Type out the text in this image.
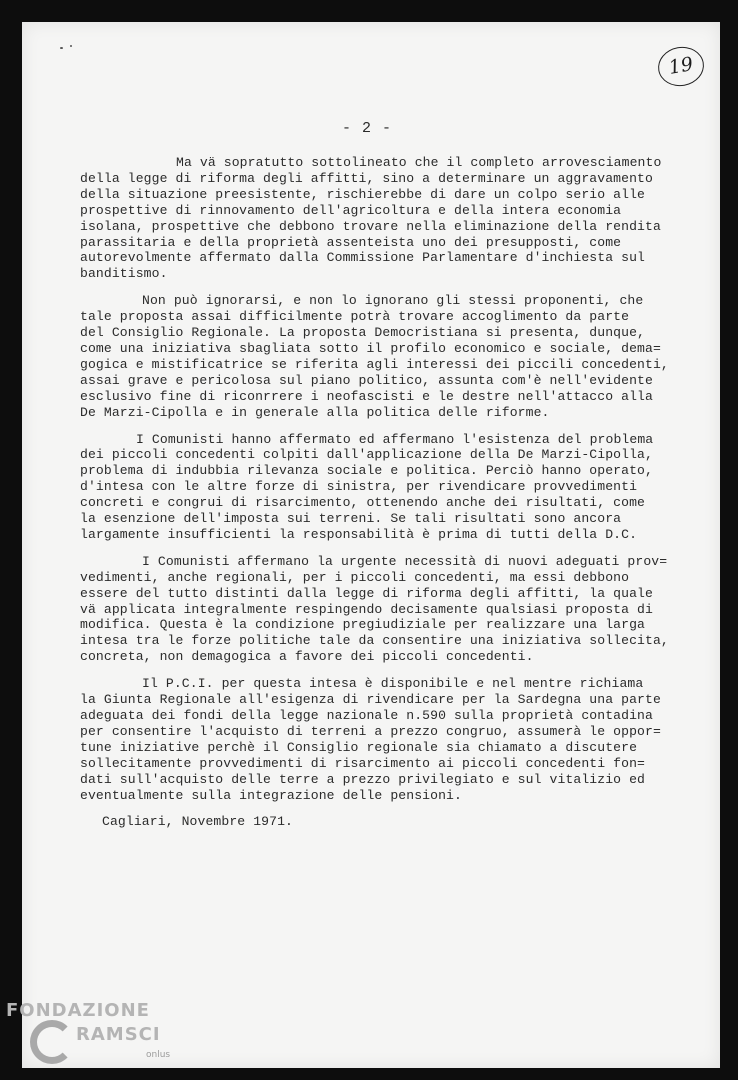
19
- 2 -
Ma vä sopratutto sottolineato che il completo arrovesciamento
della legge di riforma degli affitti, sino a determinare un aggravamento
della situazione preesistente, rischierebbe di dare un colpo serio alle
prospettive di rinnovamento dell'agricoltura e della intera economia
isolana, prospettive che debbono trovare nella eliminazione della rendita
parassitaria e della proprietà assenteista uno dei presupposti, come
autorevolmente affermato dalla Commissione Parlamentare d'inchiesta sul
banditismo.
Non può ignorarsi, e non lo ignorano gli stessi proponenti, che
tale proposta assai difficilmente potrà trovare accoglimento da parte
del Consiglio Regionale. La proposta Democristiana si presenta, dunque,
come una iniziativa sbagliata sotto il profilo economico e sociale, dema=
gogica e mistificatrice se riferita agli interessi dei piccili concedenti,
assai grave e pericolosa sul piano politico, assunta com'è nell'evidente
esclusivo fine di riconrrere i neofascisti e le destre nell'attacco alla
De Marzi-Cipolla e in generale alla politica delle riforme.
I Comunisti hanno affermato ed affermano l'esistenza del problema
dei piccoli concedenti colpiti dall'applicazione della De Marzi-Cipolla,
problema di indubbia rilevanza sociale e politica. Perciò hanno operato,
d'intesa con le altre forze di sinistra, per rivendicare provvedimenti
concreti e congrui di risarcimento, ottenendo anche dei risultati, come
la esenzione dell'imposta sui terreni. Se tali risultati sono ancora
largamente insufficienti la responsabilità è prima di tutti della D.C.
I Comunisti affermano la urgente necessità di nuovi adeguati prov=
vedimenti, anche regionali, per i piccoli concedenti, ma essi debbono
essere del tutto distinti dalla legge di riforma degli affitti, la quale
vä applicata integralmente respingendo decisamente qualsiasi proposta di
modifica. Questa è la condizione pregiudiziale per realizzare una larga
intesa tra le forze politiche tale da consentire una iniziativa sollecita,
concreta, non demagogica a favore dei piccoli concedenti.
Il P.C.I. per questa intesa è disponibile e nel mentre richiama
la Giunta Regionale all'esigenza di rivendicare per la Sardegna una parte
adeguata dei fondi della legge nazionale n.590 sulla proprietà contadina
per consentire l'acquisto di terreni a prezzo congruo, assumerà le oppor=
tune iniziative perchè il Consiglio regionale sia chiamato a discutere
sollecitamente provvedimenti di risarcimento ai piccoli concedenti fon=
dati sull'acquisto delle terre a prezzo privilegiato e sul vitalizio ed
eventualmente sulla integrazione delle pensioni.
Cagliari, Novembre 1971.
FONDAZIONE
RAMSCI
onlus
